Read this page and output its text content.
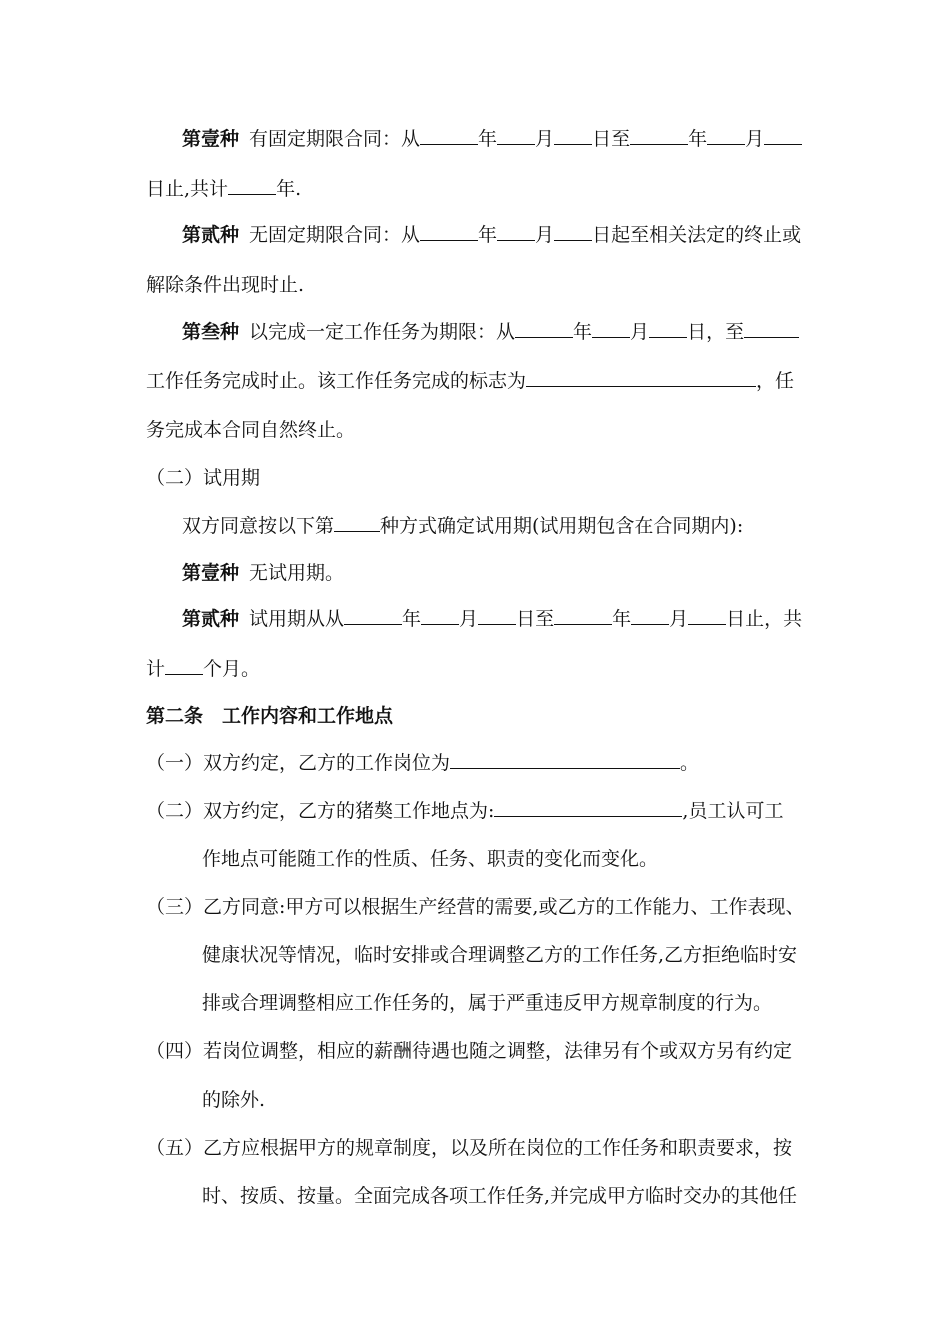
第壹种 有固定期限合同：从	年 月 日至	年 月
日止,共计	年.
第贰种 无固定期限合同：从	年 月 日起至相关法定的终止或
解除条件出现时止.
第叁种 以完成一定工作任务为期限：从	年 月 日，至
工作任务完成时止。该工作任务完成的标志为	，任
务完成本合同自然终止。
（二）试用期
双方同意按以下第 种方式确定试用期(试用期包含在合同期内):
第壹种 无试用期。
第贰种 试用期从从	年 月 日至	年 月 日止，共
计 个月。
第二条　工作内容和工作地点
（一）双方约定，乙方的工作岗位为	。
（二）双方约定，乙方的猪獒工作地点为:	,员工认可工
作地点可能随工作的性质、任务、职责的变化而变化。
（三）乙方同意:甲方可以根据生产经营的需要,或乙方的工作能力、工作表现、
健康状况等情况，临时安排或合理调整乙方的工作任务,乙方拒绝临时安
排或合理调整相应工作任务的，属于严重违反甲方规章制度的行为。
（四）若岗位调整，相应的薪酬待遇也随之调整，法律另有个或双方另有约定
的除外.
（五）乙方应根据甲方的规章制度，以及所在岗位的工作任务和职责要求，按
时、按质、按量。全面完成各项工作任务,并完成甲方临时交办的其他任
